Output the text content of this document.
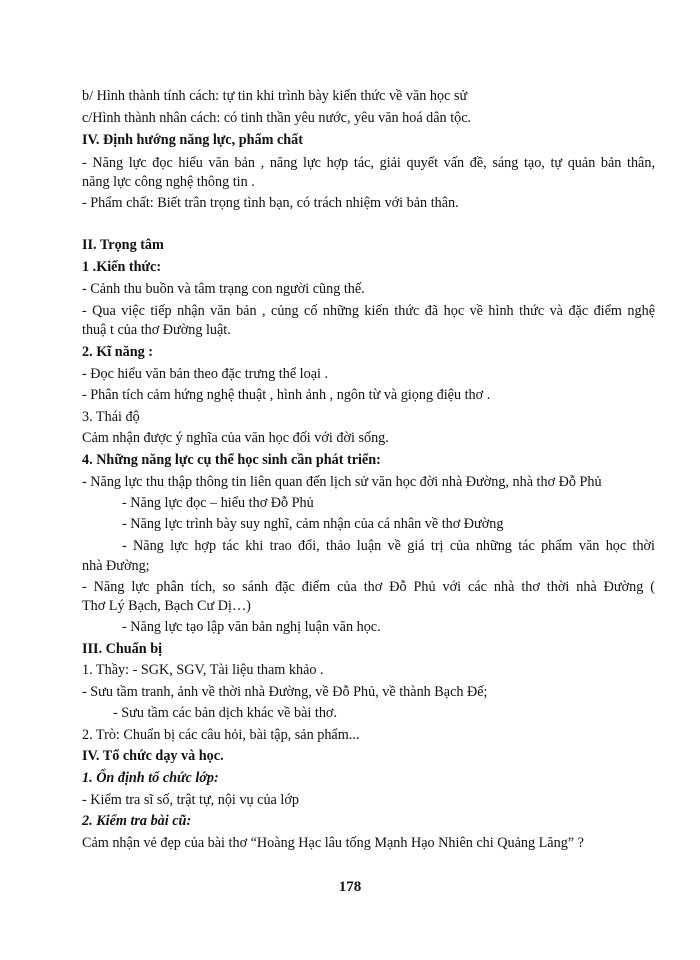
b/ Hình thành tính cách: tự tin khi trình bày kiến thức về văn học sử
c/Hình thành nhân cách: có tinh thần yêu nước, yêu văn hoá dân tộc.
IV. Định hướng năng lực, phẩm chất
- Năng lực đọc hiểu văn bản , năng lực hợp tác, giải quyết vấn đề, sáng tạo, tự quản bản thân,
năng lực công nghệ thông tin .
- Phẩm chất: Biết trân trọng tình bạn, có trách nhiệm với bản thân.
II. Trọng tâm
1 .Kiến thức:
- Cảnh thu buồn và tâm trạng con người cũng thế.
- Qua việc tiếp nhận văn bản , củng cố những kiến thức đã học về hình thức và đặc điểm nghệ
thuậ t của thơ Đường luật.
2. Kĩ năng :
- Đọc hiểu văn bản theo đặc trưng thể loại .
- Phân tích cảm hứng nghệ thuật , hình ảnh , ngôn từ và giọng điệu thơ .
3. Thái độ
Cảm nhận được ý nghĩa của văn học đối với đời sống.
4. Những năng lực cụ thể học sinh cần phát triển:
- Năng lực thu thập thông tin liên quan đến lịch sử văn học đời nhà Đường, nhà thơ Đỗ Phủ
- Năng lực đọc – hiểu thơ Đỗ Phủ
- Năng lực trình bày suy nghĩ, cảm nhận của cá nhân về thơ Đường
- Năng lực hợp tác khi trao đổi, thảo luận về giá trị của những tác phẩm văn học thời
nhà Đường;
- Năng lực phân tích, so sánh đặc điểm của thơ Đỗ Phủ với các nhà thơ thời nhà Đường (
Thơ Lý Bạch, Bạch Cư Dị…)
- Năng lực tạo lập văn bản nghị luận văn học.
III. Chuẩn bị
1. Thầy: - SGK, SGV, Tài liệu tham khảo .
- Sưu tầm tranh, ảnh về thời nhà Đường, về Đỗ Phủ, về thành Bạch Đế;
- Sưu tầm các bản dịch khác về bài thơ.
2. Trò: Chuẩn bị các câu hỏi, bài tập, sản phẩm...
IV. Tổ chức dạy và học.
1. Ổn định tổ chức lớp:
- Kiểm tra sĩ số, trật tự, nội vụ của lớp
2. Kiểm tra bài cũ:
Cảm nhận vẻ đẹp của bài thơ “Hoàng Hạc lâu tống Mạnh Hạo Nhiên chi Quảng Lăng” ?
178
